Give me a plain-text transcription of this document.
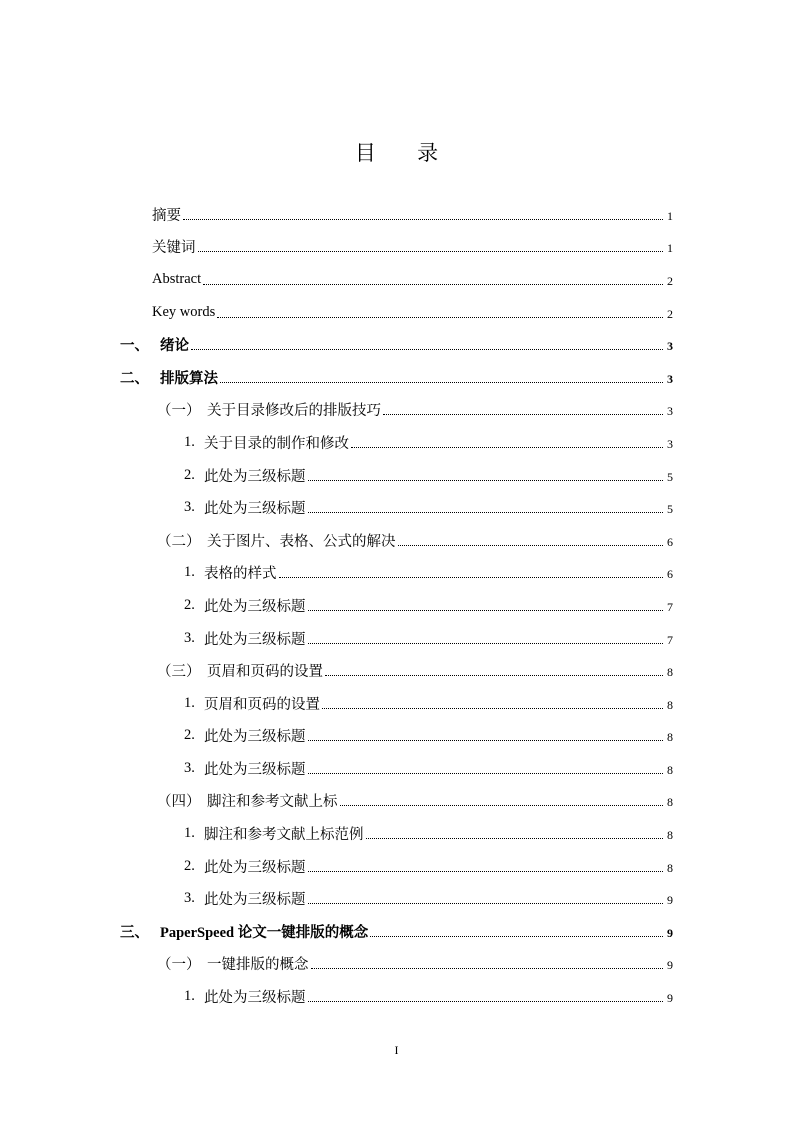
目 录
摘要	1
关键词	1
Abstract	2
Key words	2
一、 绪论	3
二、 排版算法	3
（一） 关于目录修改后的排版技巧	3
1. 关于目录的制作和修改	3
2. 此处为三级标题	5
3. 此处为三级标题	5
（二） 关于图片、表格、公式的解决	6
1. 表格的样式	6
2. 此处为三级标题	7
3. 此处为三级标题	7
（三） 页眉和页码的设置	8
1. 页眉和页码的设置	8
2. 此处为三级标题	8
3. 此处为三级标题	8
（四） 脚注和参考文献上标	8
1. 脚注和参考文献上标范例	8
2. 此处为三级标题	8
3. 此处为三级标题	9
三、 PaperSpeed 论文一键排版的概念	9
（一） 一键排版的概念	9
1. 此处为三级标题	9
I
